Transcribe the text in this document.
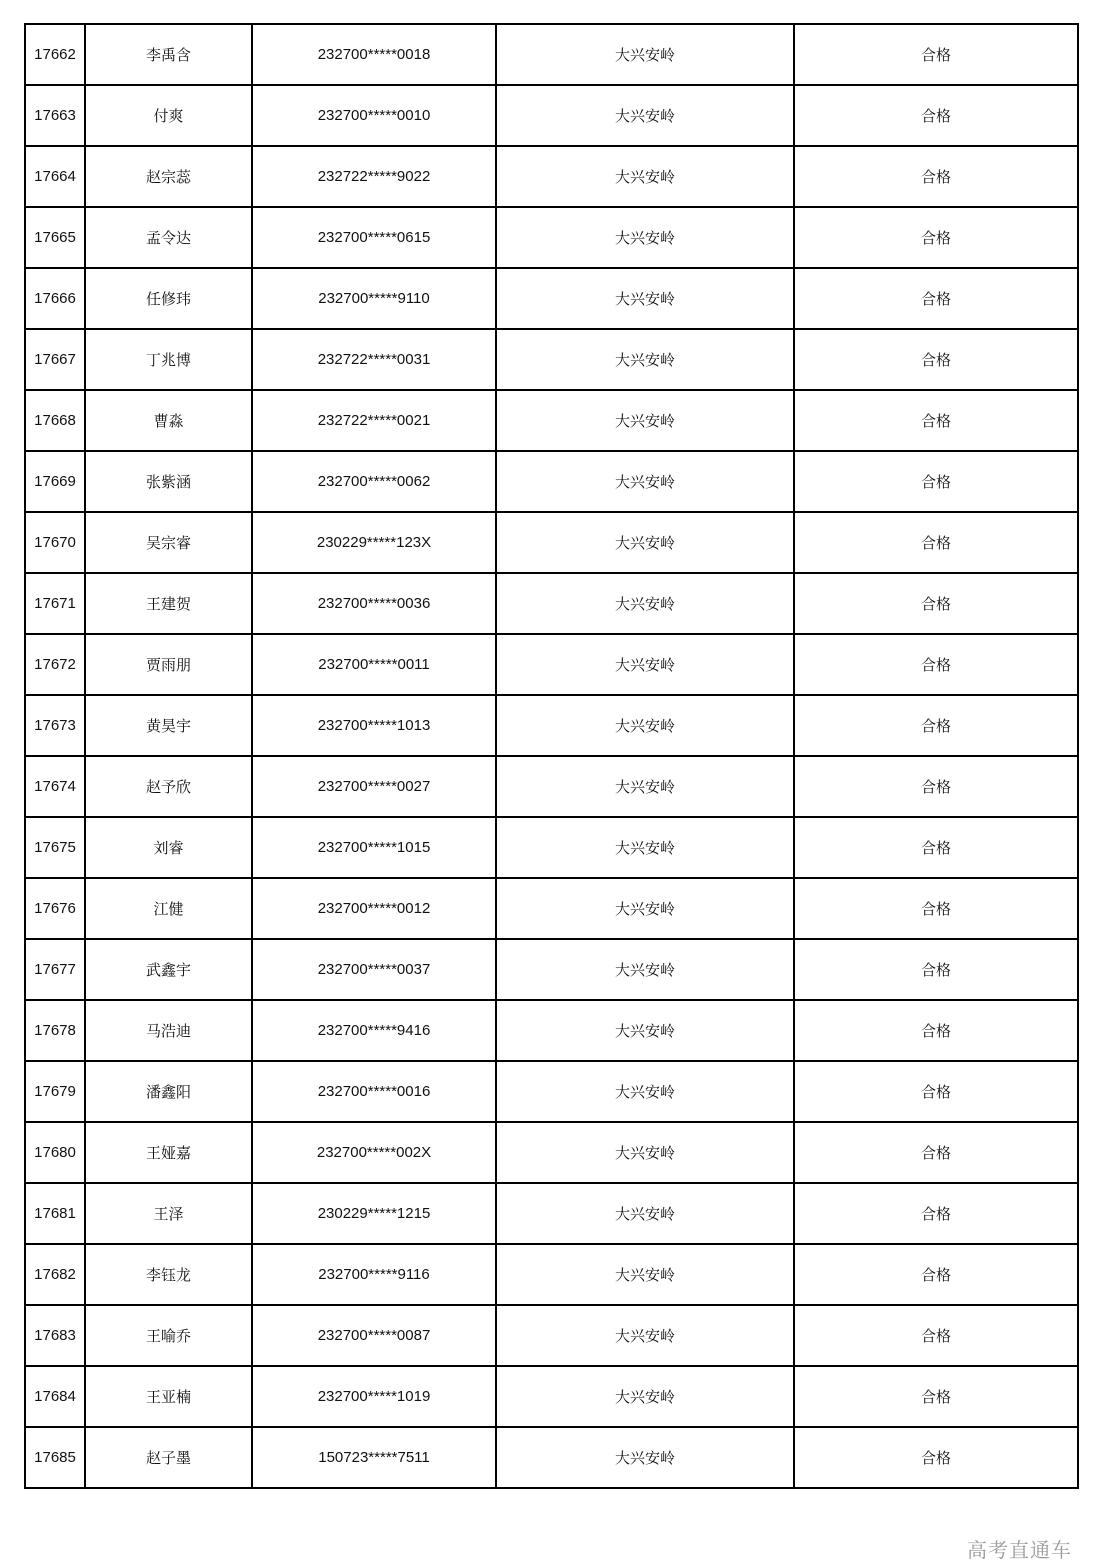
17662	李禹含	232700*****0018	大兴安岭	合格
17663	付爽	232700*****0010	大兴安岭	合格
17664	赵宗蕊	232722*****9022	大兴安岭	合格
17665	孟令达	232700*****0615	大兴安岭	合格
17666	任修玮	232700*****9110	大兴安岭	合格
17667	丁兆博	232722*****0031	大兴安岭	合格
17668	曹淼	232722*****0021	大兴安岭	合格
17669	张紫涵	232700*****0062	大兴安岭	合格
17670	吴宗睿	230229*****123X	大兴安岭	合格
17671	王建贺	232700*****0036	大兴安岭	合格
17672	贾雨朋	232700*****0011	大兴安岭	合格
17673	黄昊宇	232700*****1013	大兴安岭	合格
17674	赵予欣	232700*****0027	大兴安岭	合格
17675	刘睿	232700*****1015	大兴安岭	合格
17676	江健	232700*****0012	大兴安岭	合格
17677	武鑫宇	232700*****0037	大兴安岭	合格
17678	马浩迪	232700*****9416	大兴安岭	合格
17679	潘鑫阳	232700*****0016	大兴安岭	合格
17680	王娅嘉	232700*****002X	大兴安岭	合格
17681	王泽	230229*****1215	大兴安岭	合格
17682	李钰龙	232700*****9116	大兴安岭	合格
17683	王喻乔	232700*****0087	大兴安岭	合格
17684	王亚楠	232700*****1019	大兴安岭	合格
17685	赵子墨	150723*****7511	大兴安岭	合格
高考直通车
